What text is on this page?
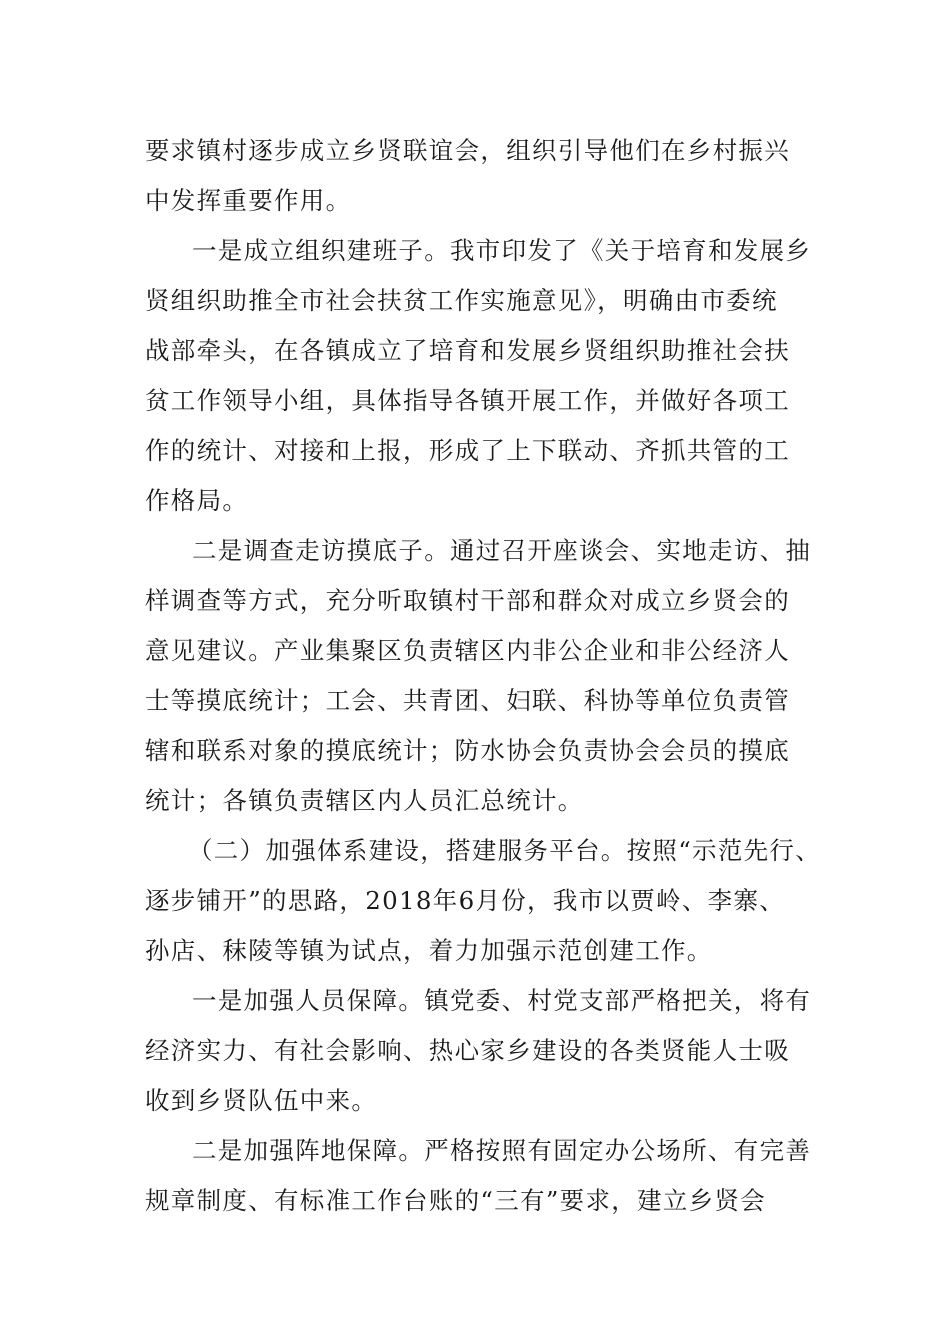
要求镇村逐步成立乡贤联谊会，组织引导他们在乡村振兴
中发挥重要作用。
一是成立组织建班子。我市印发了《关于培育和发展乡
贤组织助推全市社会扶贫工作实施意见》，明确由市委统
战部牵头，在各镇成立了培育和发展乡贤组织助推社会扶
贫工作领导小组，具体指导各镇开展工作，并做好各项工
作的统计、对接和上报，形成了上下联动、齐抓共管的工
作格局。
二是调查走访摸底子。通过召开座谈会、实地走访、抽
样调查等方式，充分听取镇村干部和群众对成立乡贤会的
意见建议。产业集聚区负责辖区内非公企业和非公经济人
士等摸底统计；工会、共青团、妇联、科协等单位负责管
辖和联系对象的摸底统计；防水协会负责协会会员的摸底
统计；各镇负责辖区内人员汇总统计。
（二）加强体系建设，搭建服务平台。按照“示范先行、
逐步铺开”的思路，2018年6月份，我市以贾岭、李寨、
孙店、秣陵等镇为试点，着力加强示范创建工作。
一是加强人员保障。镇党委、村党支部严格把关，将有
经济实力、有社会影响、热心家乡建设的各类贤能人士吸
收到乡贤队伍中来。
二是加强阵地保障。严格按照有固定办公场所、有完善
规章制度、有标准工作台账的“三有”要求，建立乡贤会
